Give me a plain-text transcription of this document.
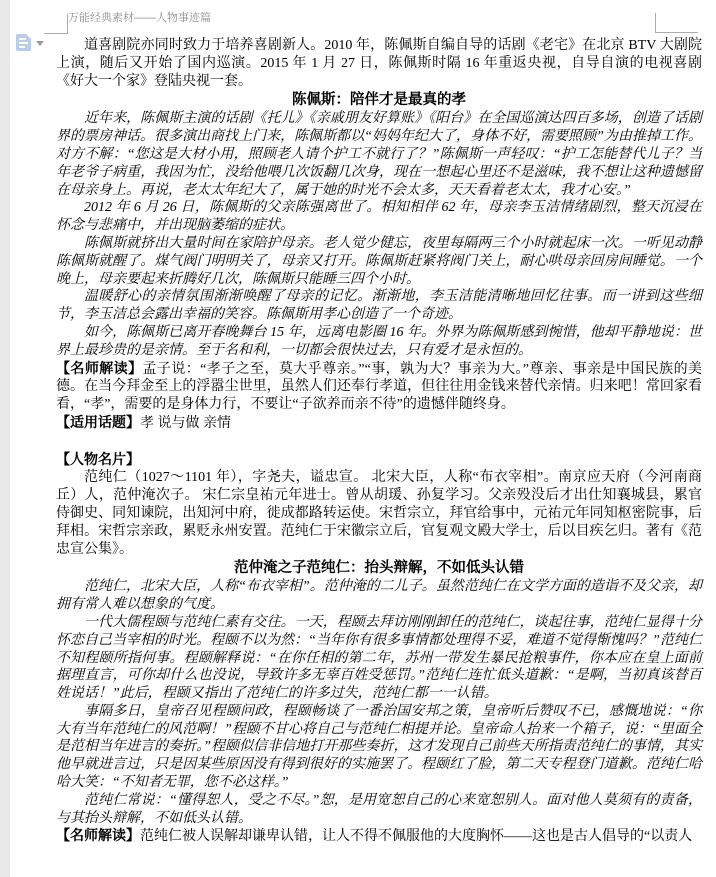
万能经典素材——人物事迹篇

道喜剧院亦同时致力于培养喜剧新人。2010 年，陈佩斯自编自导的话剧《老宅》在北京 BTV 大剧院上演，随后又开始了国内巡演。2015 年 1 月 27 日，陈佩斯时隔 16 年重返央视，自导自演的电视喜剧《好大一个家》登陆央视一套。

陈佩斯：陪伴才是最真的孝

近年来，陈佩斯主演的话剧《托儿》《亲戚朋友好算账》《阳台》在全国巡演达四百多场，创造了话剧界的票房神话。很多演出商找上门来，陈佩斯都以“妈妈年纪大了，身体不好，需要照顾”为由推掉工作。对方不解：“您这是大材小用，照顾老人请个护工不就行了？”陈佩斯一声轻叹：“护工怎能替代儿子？当年老爷子病重，我因为忙，没给他喂几次饭翻几次身，现在一想起心里还不是滋味，我不想让这种遗憾留在母亲身上。再说，老太太年纪大了，属于她的时光不会太多，天天看着老太太，我才心安。”

2012 年 6 月 26 日，陈佩斯的父亲陈强离世了。相知相伴 62 年，母亲李玉洁情绪剧烈，整天沉浸在怀念与悲痛中，并出现脑萎缩的症状。

陈佩斯就挤出大量时间在家陪护母亲。老人觉少健忘，夜里每隔两三个小时就起床一次。一听见动静陈佩斯就醒了。煤气阀门明明关了，母亲又打开。陈佩斯赶紧将阀门关上，耐心哄母亲回房间睡觉。一个晚上，母亲要起来折腾好几次，陈佩斯只能睡三四个小时。

温暖舒心的亲情氛围渐渐唤醒了母亲的记忆。渐渐地，李玉洁能清晰地回忆往事。而一讲到这些细节，李玉洁总会露出幸福的笑容。陈佩斯用孝心创造了一个奇迹。

如今，陈佩斯已离开春晚舞台 15 年，远离电影圈 16 年。外界为陈佩斯感到惋惜，他却平静地说：世界上最珍贵的是亲情。至于名和利，一切都会很快过去，只有爱才是永恒的。

【名师解读】孟子说：“孝子之至，莫大乎尊亲。”“事，孰为大？事亲为大。”尊亲、事亲是中国民族的美德。在当今拜金至上的浮嚣尘世里，虽然人们还奉行孝道，但往往用金钱来替代亲情。归来吧！常回家看看，“孝”，需要的是身体力行，不要让“子欲养而亲不待”的遗憾伴随终身。

【适用话题】孝 说与做 亲情

【人物名片】

范纯仁（1027～1101 年），字尧夫，谥忠宣。 北宋大臣，人称“布衣宰相”。南京应天府（今河南商丘）人，范仲淹次子。 宋仁宗皇祐元年进士。曾从胡瑗、孙复学习。父亲殁没后才出仕知襄城县，累官侍御史、同知谏院，出知河中府，徙成都路转运使。宋哲宗立，拜官给事中，元祐元年同知枢密院事，后拜相。宋哲宗亲政，累贬永州安置。范纯仁于宋徽宗立后，官复观文殿大学士，后以目疾乞归。著有《范忠宣公集》。

范仲淹之子范纯仁：抬头辩解，不如低头认错

范纯仁，北宋大臣，人称“布衣宰相”。范仲淹的二儿子。虽然范纯仁在文学方面的造诣不及父亲，却拥有常人难以想象的气度。

一代大儒程颐与范纯仁素有交往。一天，程颐去拜访刚刚卸任的范纯仁，谈起往事，范纯仁显得十分怀恋自己当宰相的时光。程颐不以为然：“当年你有很多事情都处理得不妥，难道不觉得惭愧吗？”范纯仁不知程颐所指何事。程颐解释说：“在你任相的第二年，苏州一带发生暴民抢粮事件，你本应在皇上面前据理直言，可你却什么也没说，导致许多无辜百姓受惩罚。”范纯仁连忙低头道歉：“是啊，当初真该替百姓说话！”此后，程颐又指出了范纯仁的许多过失，范纯仁都一一认错。

事隔多日，皇帝召见程颐问政，程颐畅谈了一番治国安邦之策，皇帝听后赞叹不已，感慨地说：“你大有当年范纯仁的风范啊！”程颐不甘心将自己与范纯仁相提并论。皇帝命人抬来一个箱子，说：“里面全是范相当年进言的奏折。”程颐似信非信地打开那些奏折，这才发现自己前些天所指责范纯仁的事情，其实他早就进言过，只是因某些原因没有得到很好的实施罢了。程颐红了脸，第二天专程登门道歉。范纯仁哈哈大笑：“不知者无罪，您不必这样。”

范纯仁常说：“懂得恕人，受之不尽。”恕，是用宽恕自己的心来宽恕别人。面对他人莫须有的责备，与其抬头辩解，不如低头认错。

【名师解读】范纯仁被人误解却谦卑认错，让人不得不佩服他的大度胸怀——这也是古人倡导的“以责人
